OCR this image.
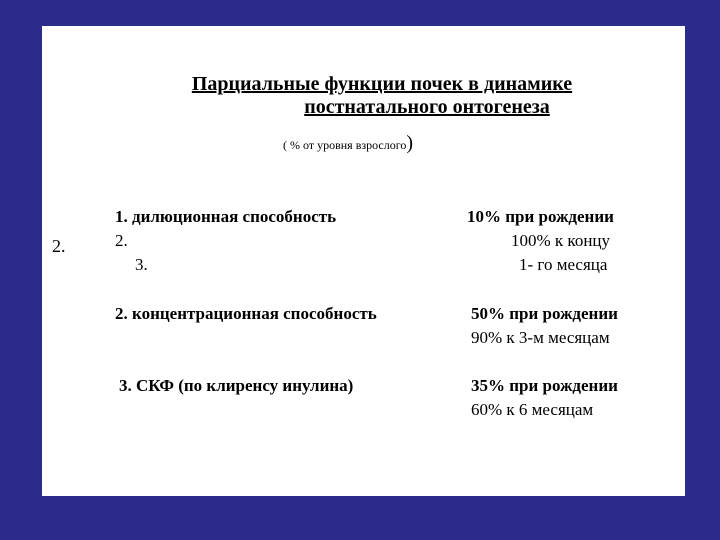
Парциальные функции почек в динамике
постнатального онтогенеза
( % от уровня взрослого)
2.
1. дилюционная способность
2.
3.
10% при рождении
100% к концу
1- го месяца
2. концентрационная способность	50% при рождении
90% к 3-м месяцам
3. СКФ (по клиренсу инулина)	35% при рождении
60% к 6 месяцам
